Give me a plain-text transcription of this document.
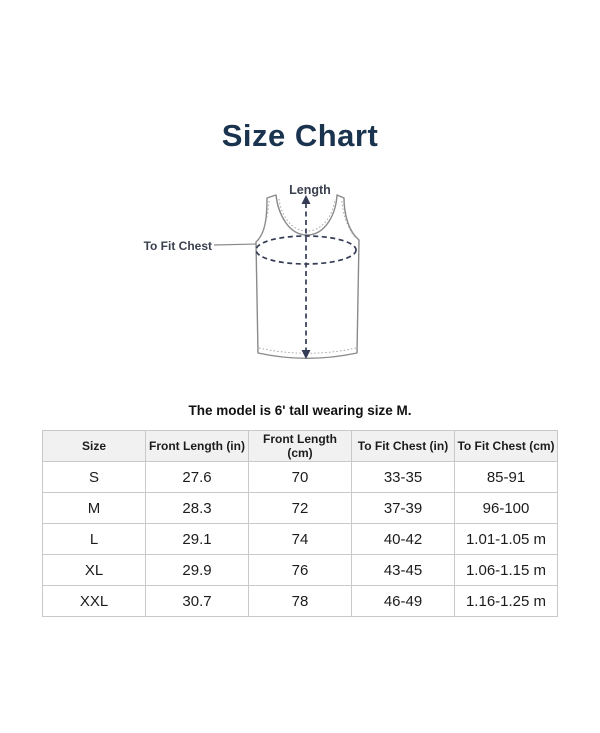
Size Chart
Length
To Fit Chest
The model is 6' tall wearing size M.
Size	Front Length (in)	Front Length (cm)	To Fit Chest (in)	To Fit Chest (cm)
S	27.6	70	33-35	85-91
M	28.3	72	37-39	96-100
L	29.1	74	40-42	1.01-1.05 m
XL	29.9	76	43-45	1.06-1.15 m
XXL	30.7	78	46-49	1.16-1.25 m
